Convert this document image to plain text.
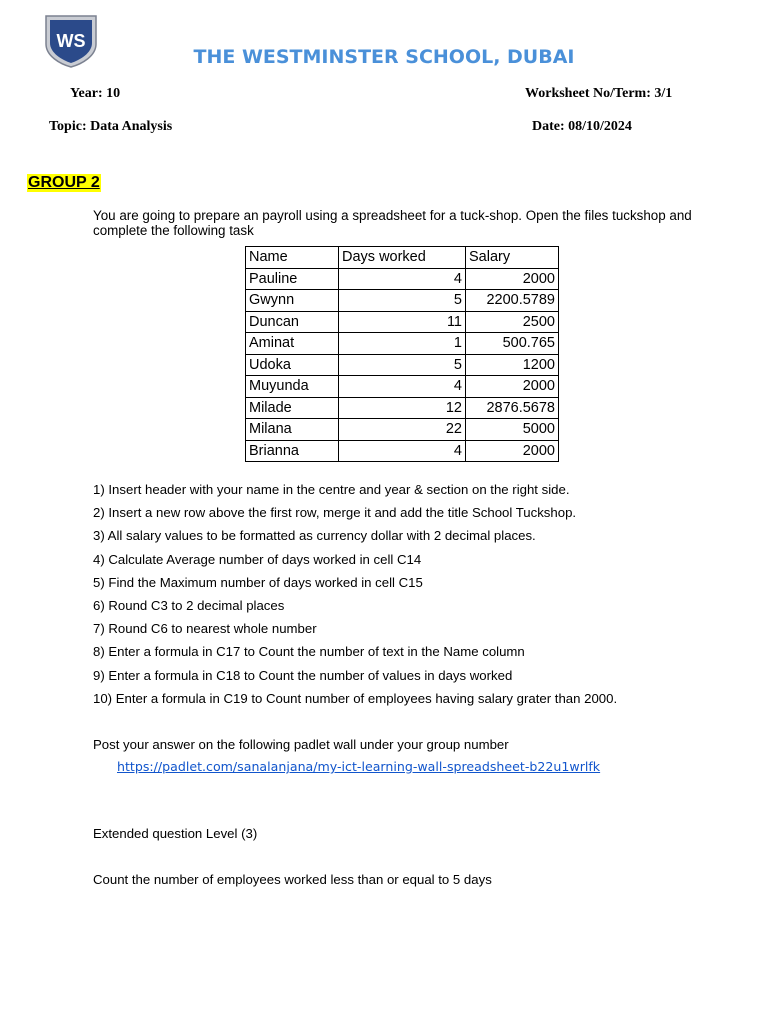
WS
THE WESTMINSTER SCHOOL, DUBAI
Year: 10	Worksheet No/Term: 3/1
Topic: Data Analysis	Date: 08/10/2024
GROUP 2
You are going to prepare an payroll using a spreadsheet for a tuck-shop. Open the files tuckshop and complete the following task
Name	Days worked	Salary
Pauline	4	2000
Gwynn	5	2200.5789
Duncan	11	2500
Aminat	1	500.765
Udoka	5	1200
Muyunda	4	2000
Milade	12	2876.5678
Milana	22	5000
Brianna	4	2000
1) Insert header with your name in the centre and year & section on the right side.
2) Insert a new row above the first row, merge it and add the title School Tuckshop.
3) All salary values to be formatted as currency dollar with 2 decimal places.
4) Calculate Average number of days worked in cell C14
5) Find the Maximum number of days worked in cell C15
6) Round C3 to 2 decimal places
7) Round C6 to nearest whole number
8) Enter a formula in C17 to Count the number of text in the Name column
9) Enter a formula in C18 to Count the number of values in days worked
10) Enter a formula in C19 to Count number of employees having salary grater than 2000.
Post your answer on the following padlet wall under your group number
https://padlet.com/sanalanjana/my-ict-learning-wall-spreadsheet-b22u1wrlfk
Extended question Level (3)
Count the number of employees worked less than or equal to 5 days
